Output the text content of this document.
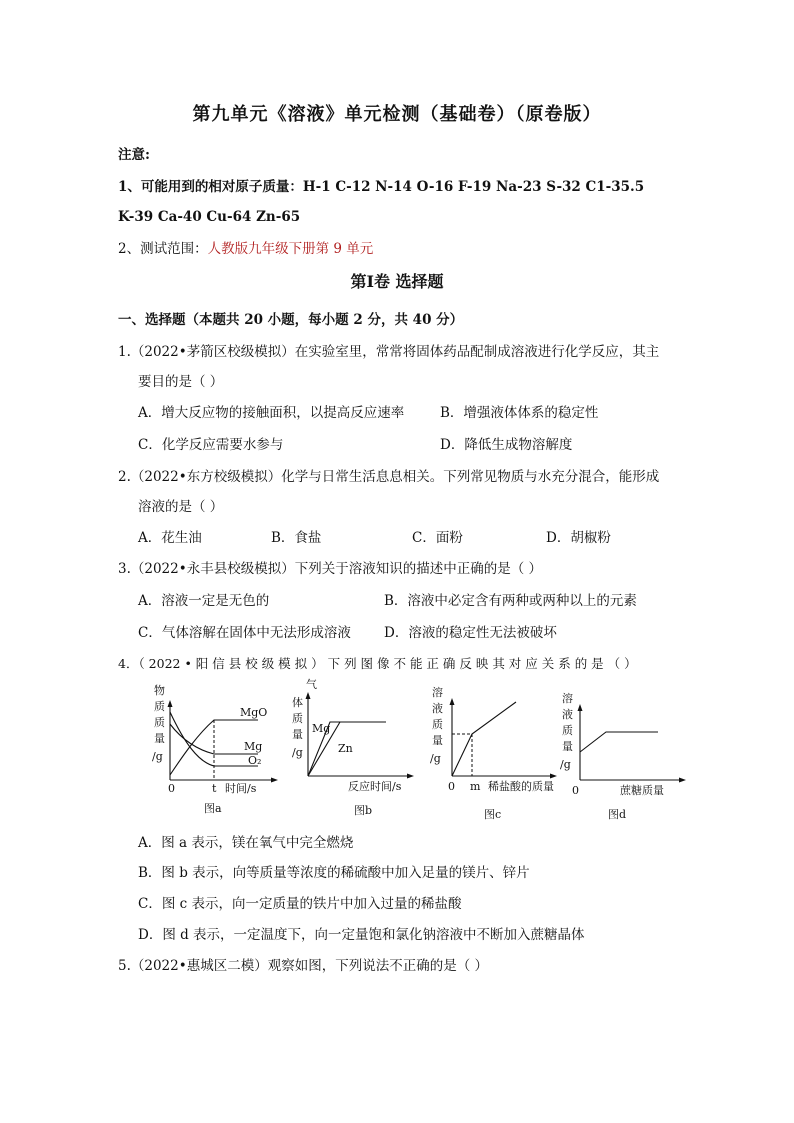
第九单元《溶液》单元检测（基础卷）（原卷版）
注意:
1、可能用到的相对原子质量：H-1 C-12 N-14 O-16 F-19 Na-23 S-32 C1-35.5
K-39 Ca-40 Cu-64 Zn-65
2、测试范围：人教版九年级下册第 9 单元
第Ⅰ卷 选择题
一、选择题（本题共 20 小题，每小题 2 分，共 40 分）
1.（2022•茅箭区校级模拟）在实验室里，常常将固体药品配制成溶液进行化学反应，其主
要目的是（ ）
A．增大反应物的接触面积，以提高反应速率	B．增强液体体系的稳定性
C．化学反应需要水参与	D．降低生成物溶解度
2.（2022•东方校级模拟）化学与日常生活息息相关。下列常见物质与水充分混合，能形成
溶液的是（ ）
A．花生油	B．食盐	C．面粉	D．胡椒粉
3.（2022•永丰县校级模拟）下列关于溶液知识的描述中正确的是（ ）
A．溶液一定是无色的	B．溶液中必定含有两种或两种以上的元素
C．气体溶解在固体中无法形成溶液 D．溶液的稳定性无法被破坏
4．（ 2022 • 阳 信 县 校 级 模 拟 ） 下 列 图 像 不 能 正 确 反 映 其 对 应 关 系 的 是 （ ）
物
质
质
量
/g
0	t 时间/s
MgO
Mg
O₂
图a
气
体
质
量
/g
反应时间/s
Mg
Zn
图b
溶
液
质
量
/g
0 m 稀盐酸的质量
图c
溶
液
质
量
/g
0	蔗糖质量
图d
A．图 a 表示，镁在氧气中完全燃烧
B．图 b 表示，向等质量等浓度的稀硫酸中加入足量的镁片、锌片
C．图 c 表示，向一定质量的铁片中加入过量的稀盐酸
D．图 d 表示，一定温度下，向一定量饱和氯化钠溶液中不断加入蔗糖晶体
5.（2022•惠城区二模）观察如图，下列说法不正确的是（ ）
